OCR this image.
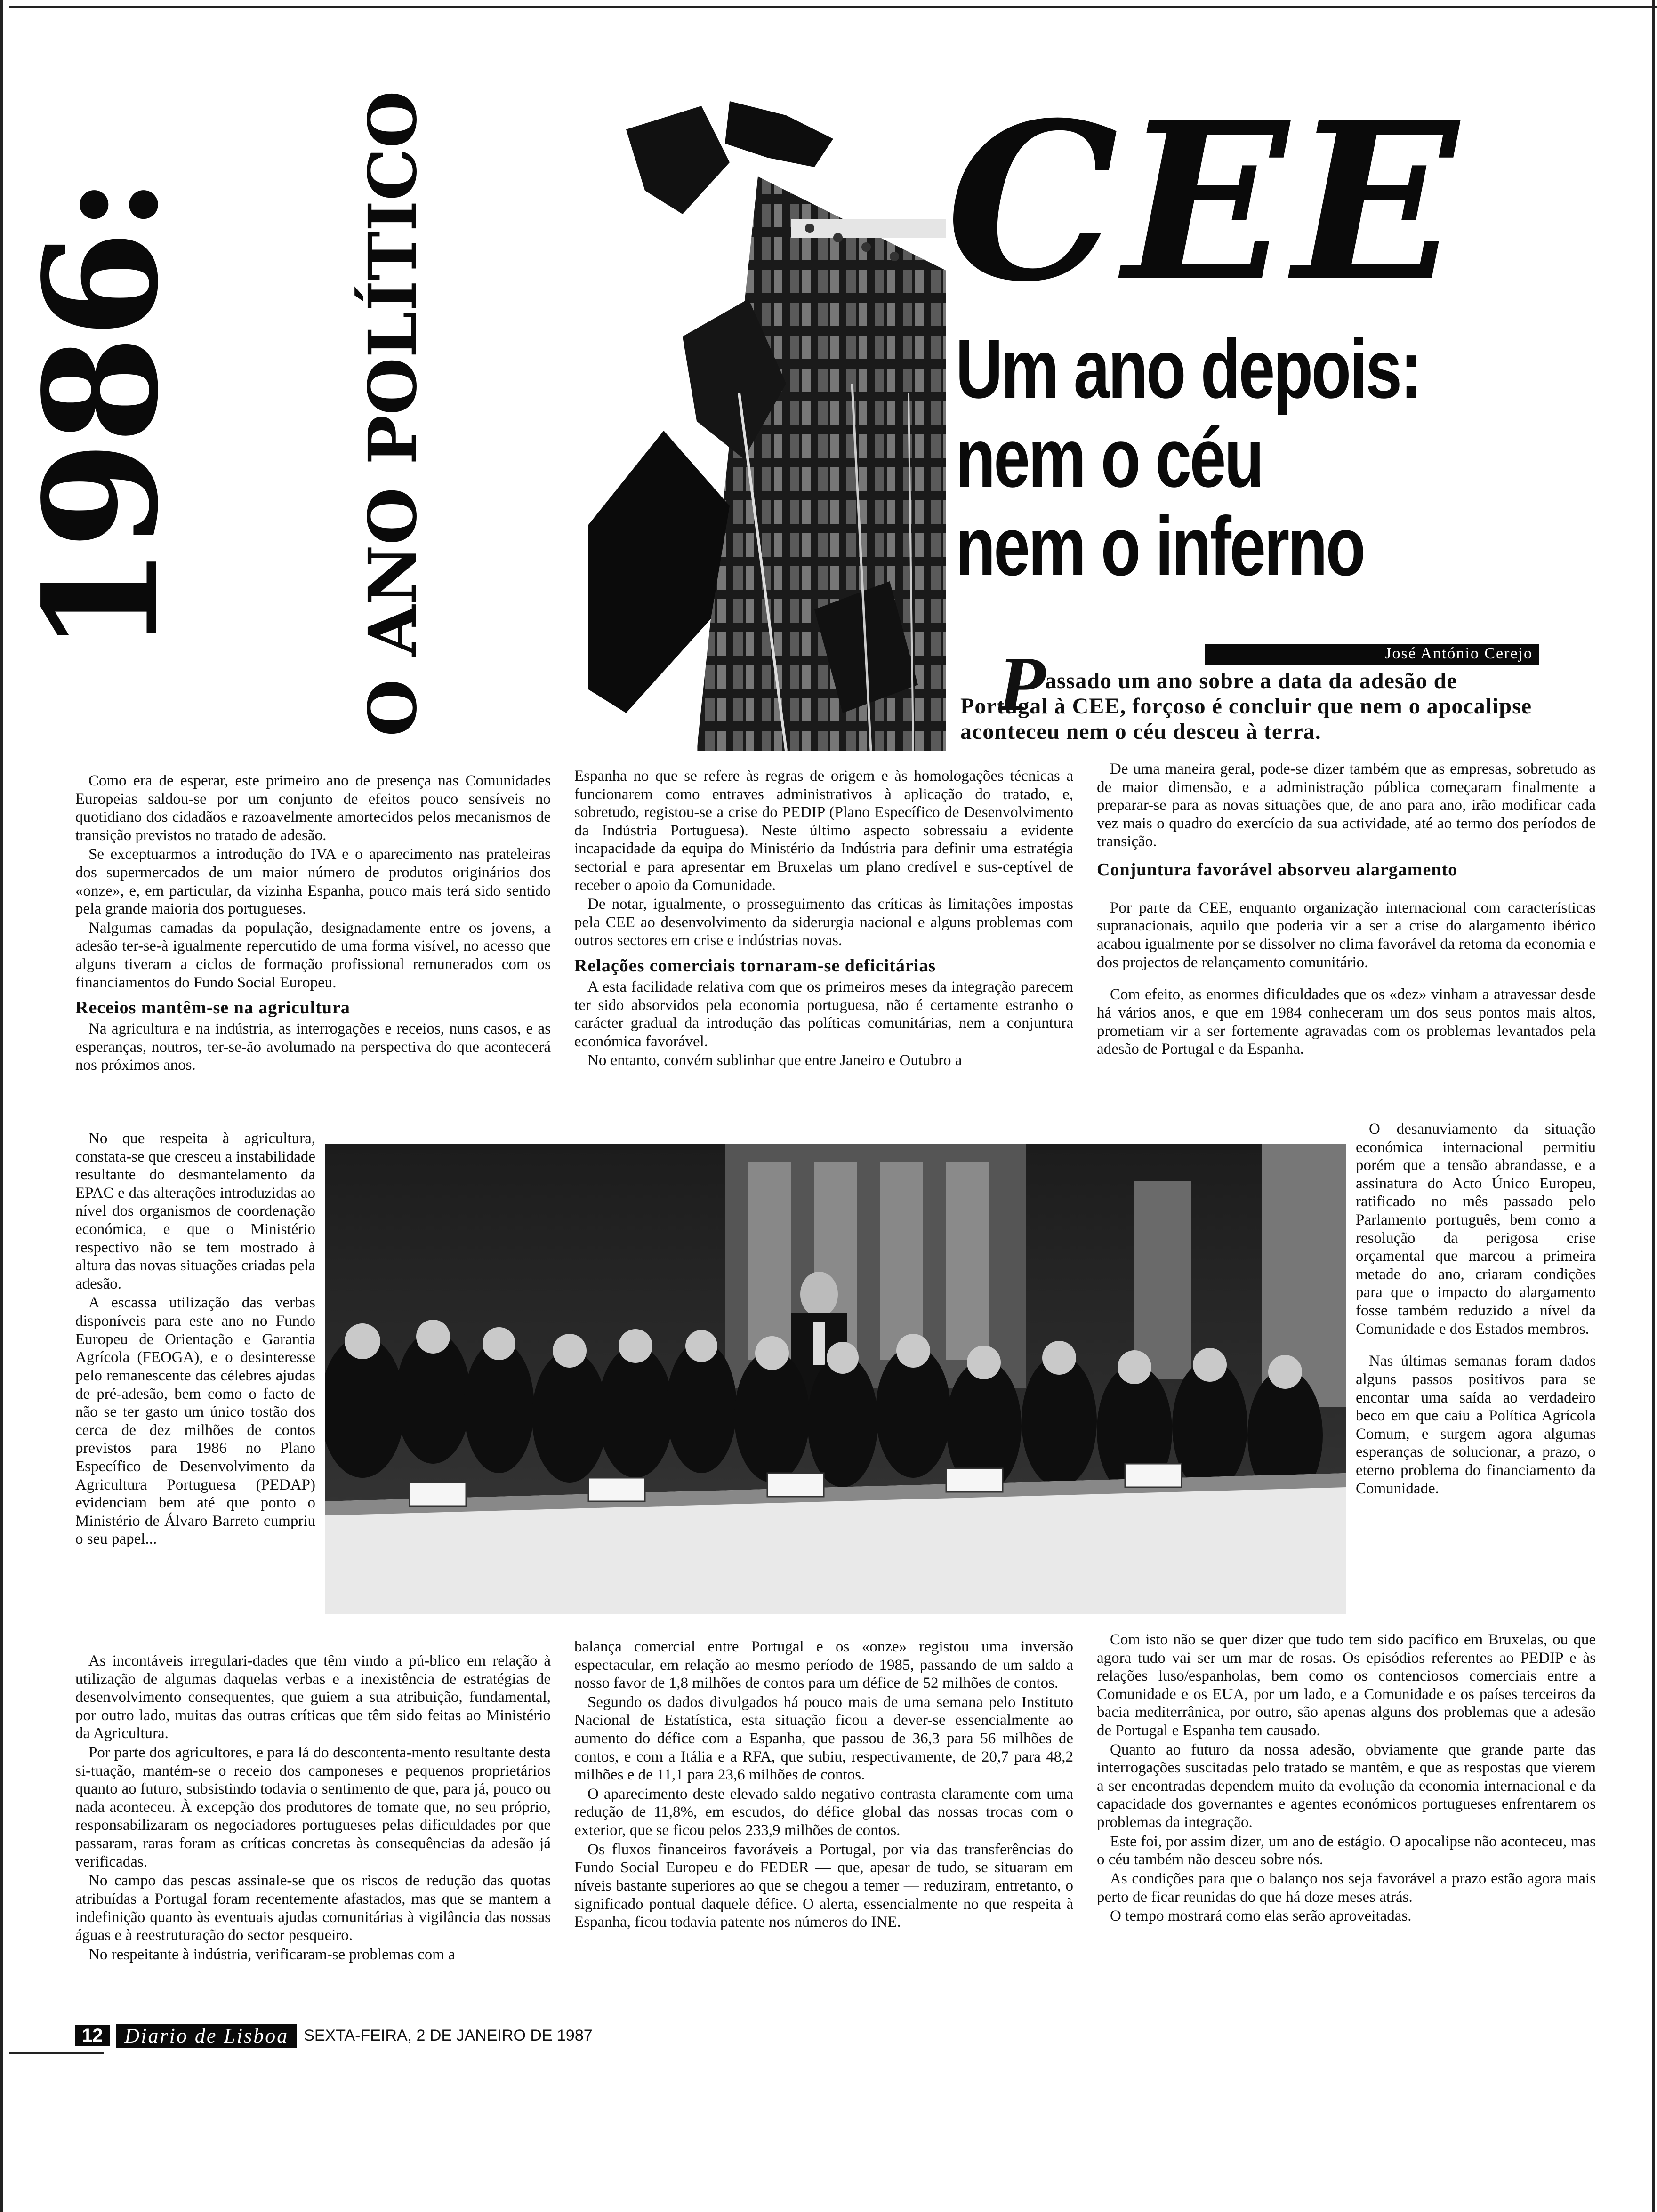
1986: O ANO POLÍTICO CEE
Um ano depois:
nem o céu
nem o inferno
José António Cerejo
P assado um ano sobre a data da adesão de Portugal à CEE, forçoso é concluir que nem o apocalipse aconteceu nem o céu desceu à terra.

Como era de esperar, este primeiro ano de presença nas Comunidades Europeias saldou-se por um conjunto de efeitos pouco sensíveis no quotidiano dos cidadãos e razoavelmente amortecidos pelos mecanismos de transição previstos no tratado de adesão.

Se exceptuarmos a introdução do IVA e o aparecimento nas prateleiras dos supermercados de um maior número de produtos originários dos «onze», e, em particular, da vizinha Espanha, pouco mais terá sido sentido pela grande maioria dos portugueses.

Nalgumas camadas da população, designadamente entre os jovens, a adesão ter-se-à igualmente repercutido de uma forma visível, no acesso que alguns tiveram a ciclos de formação profissional remunerados com os financiamentos do Fundo Social Europeu.

Receios mantêm-se na agricultura

Na agricultura e na indústria, as interrogações e receios, nuns casos, e as esperanças, noutros, ter-se-ão avolumado na perspectiva do que acontecerá nos próximos anos.

No que respeita à agricultura, constata-se que cresceu a instabilidade resultante do desmantelamento da EPAC e das alterações introduzidas ao nível dos organismos de coordenação económica, e que o Ministério respectivo não se tem mostrado à altura das novas situações criadas pela adesão.

A escassa utilização das verbas disponíveis para este ano no Fundo Europeu de Orientação e Garantia Agrícola (FEOGA), e o desinteresse pelo remanescente das célebres ajudas de pré-adesão, bem como o facto de não se ter gasto um único tostão dos cerca de dez milhões de contos previstos para 1986 no Plano Específico de Desenvolvimento da Agricultura Portuguesa (PEDAP) evidenciam bem até que ponto o Ministério de Álvaro Barreto cumpriu o seu papel...

Espanha no que se refere às regras de origem e às homologações técnicas a funcionarem como entraves administrativos à aplicação do tratado, e, sobretudo, registou-se a crise do PEDIP (Plano Específico de Desenvolvimento da Indústria Portuguesa). Neste último aspecto sobressaiu a evidente incapacidade da equipa do Ministério da Indústria para definir uma estratégia sectorial e para apresentar em Bruxelas um plano credível e sus-ceptível de receber o apoio da Comunidade.

De notar, igualmente, o prosseguimento das críticas às limitações impostas pela CEE ao desenvolvimento da siderurgia nacional e alguns problemas com outros sectores em crise e indústrias novas.

Relações comerciais tornaram-se deficitárias

A esta facilidade relativa com que os primeiros meses da integração parecem ter sido absorvidos pela economia portuguesa, não é certamente estranho o carácter gradual da introdução das políticas comunitárias, nem a conjuntura económica favorável.

No entanto, convém sublinhar que entre Janeiro e Outubro a

De uma maneira geral, pode-se dizer também que as empresas, sobretudo as de maior dimensão, e a administração pública começaram finalmente a preparar-se para as novas situações que, de ano para ano, irão modificar cada vez mais o quadro do exercício da sua actividade, até ao termo dos períodos de transição.

Conjuntura favorável absorveu alargamento

Por parte da CEE, enquanto organização internacional com características supranacionais, aquilo que poderia vir a ser a crise do alargamento ibérico acabou igualmente por se dissolver no clima favorável da retoma da economia e dos projectos de relançamento comunitário.

Com efeito, as enormes dificuldades que os «dez» vinham a atravessar desde há vários anos, e que em 1984 conheceram um dos seus pontos mais altos, prometiam vir a ser fortemente agravadas com os problemas levantados pela adesão de Portugal e da Espanha.

O desanuviamento da situação económica internacional permitiu porém que a tensão abrandasse, e a assinatura do Acto Único Europeu, ratificado no mês passado pelo Parlamento português, bem como a resolução da perigosa crise orçamental que marcou a primeira metade do ano, criaram condições para que o impacto do alargamento fosse também reduzido a nível da Comunidade e dos Estados membros.

Nas últimas semanas foram dados alguns passos positivos para se encontar uma saída ao verdadeiro beco em que caiu a Política Agrícola Comum, e surgem agora algumas esperanças de solucionar, a prazo, o eterno problema do financiamento da Comunidade.

As incontáveis irregulari-dades que têm vindo a pú-blico em relação à utilização de algumas daquelas verbas e a inexistência de estratégias de desenvolvimento consequentes, que guiem a sua atribuição, fundamental, por outro lado, muitas das outras críticas que têm sido feitas ao Ministério da Agricultura.

Por parte dos agricultores, e para lá do descontenta-mento resultante desta si-tuação, mantém-se o receio dos camponeses e pequenos proprietários quanto ao futuro, subsistindo todavia o sentimento de que, para já, pouco ou nada aconteceu. À excepção dos produtores de tomate que, no seu próprio, responsabilizaram os negociadores portugueses pelas dificuldades por que passaram, raras foram as críticas concretas às consequências da adesão já verificadas.

No campo das pescas assinale-se que os riscos de redução das quotas atribuídas a Portugal foram recentemente afastados, mas que se mantem a indefinição quanto às eventuais ajudas comunitárias à vigilância das nossas águas e à reestruturação do sector pesqueiro.

No respeitante à indústria, verificaram-se problemas com a

balança comercial entre Portugal e os «onze» registou uma inversão espectacular, em relação ao mesmo período de 1985, passando de um saldo a nosso favor de 1,8 milhões de contos para um défice de 52 milhões de contos.

Segundo os dados divulgados há pouco mais de uma semana pelo Instituto Nacional de Estatística, esta situação ficou a dever-se essencialmente ao aumento do défice com a Espanha, que passou de 36,3 para 56 milhões de contos, e com a Itália e a RFA, que subiu, respectivamente, de 20,7 para 48,2 milhões e de 11,1 para 23,6 milhões de contos.

O aparecimento deste elevado saldo negativo contrasta claramente com uma redução de 11,8%, em escudos, do défice global das nossas trocas com o exterior, que se ficou pelos 233,9 milhões de contos.

Os fluxos financeiros favoráveis a Portugal, por via das transferências do Fundo Social Europeu e do FEDER — que, apesar de tudo, se situaram em níveis bastante superiores ao que se chegou a temer — reduziram, entretanto, o significado pontual daquele défice. O alerta, essencialmente no que respeita à Espanha, ficou todavia patente nos números do INE.

Com isto não se quer dizer que tudo tem sido pacífico em Bruxelas, ou que agora tudo vai ser um mar de rosas. Os episódios referentes ao PEDIP e às relações luso/espanholas, bem como os contenciosos comerciais entre a Comunidade e os EUA, por um lado, e a Comunidade e os países terceiros da bacia mediterrânica, por outro, são apenas alguns dos problemas que a adesão de Portugal e Espanha tem causado.

Quanto ao futuro da nossa adesão, obviamente que grande parte das interrogações suscitadas pelo tratado se mantêm, e que as respostas que vierem a ser encontradas dependem muito da evolução da economia internacional e da capacidade dos governantes e agentes económicos portugueses enfrentarem os problemas da integração.

Este foi, por assim dizer, um ano de estágio. O apocalipse não aconteceu, mas o céu também não desceu sobre nós.

As condições para que o balanço nos seja favorável a prazo estão agora mais perto de ficar reunidas do que há doze meses atrás.

O tempo mostrará como elas serão aproveitadas.

12	Diario de Lisboa SEXTA-FEIRA, 2 DE JANEIRO DE 1987
